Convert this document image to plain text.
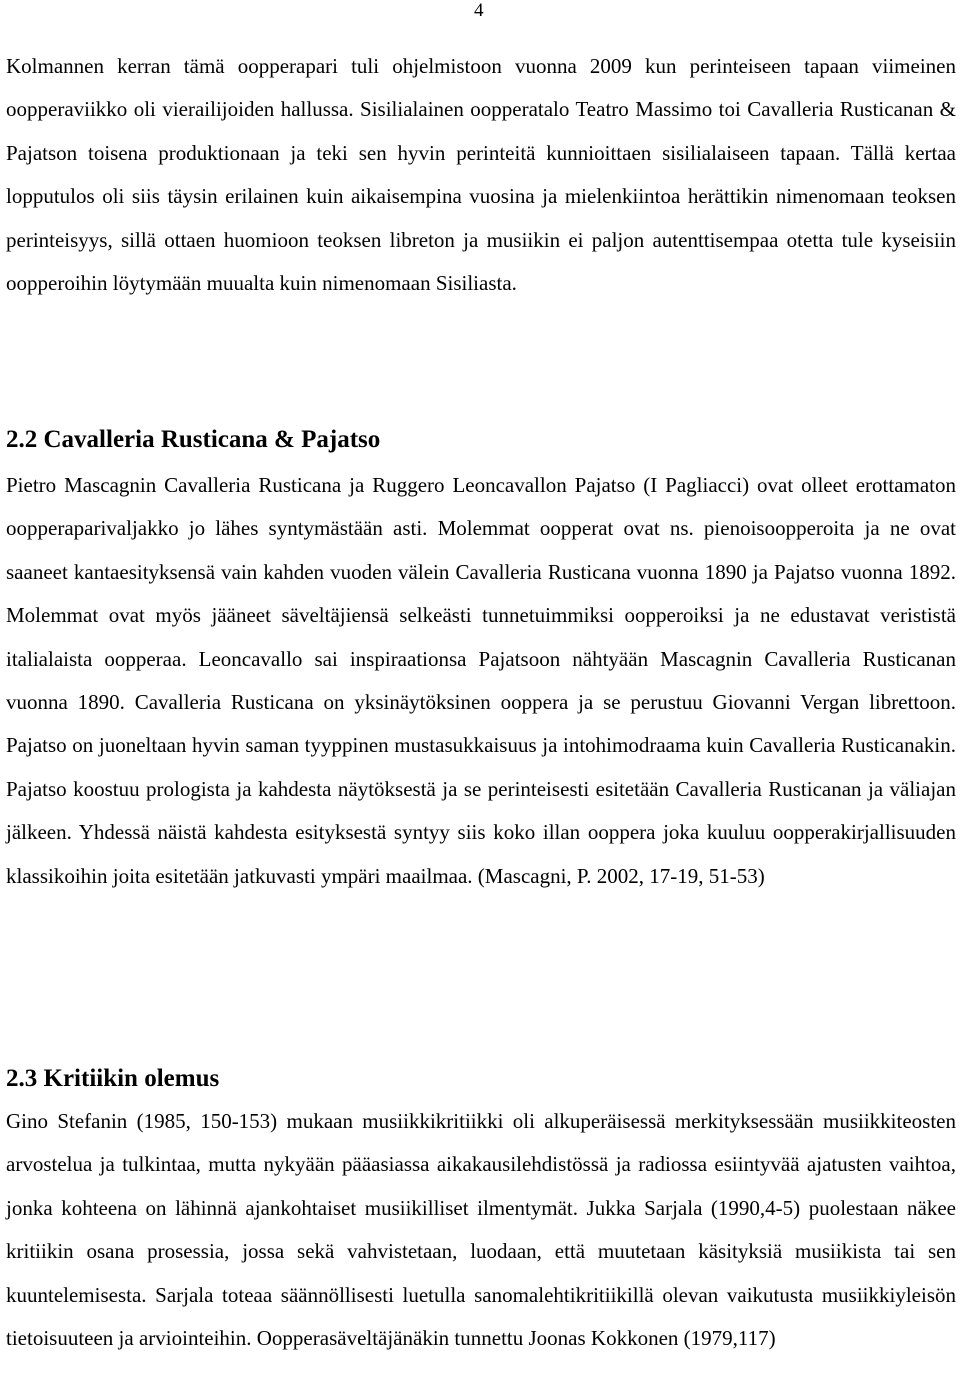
4

Kolmannen kerran tämä oopperapari tuli ohjelmistoon vuonna 2009 kun perinteiseen tapaan viimeinen oopperaviikko oli vierailijoiden hallussa. Sisilialainen oopperatalo Teatro Massimo toi Cavalleria Rusticanan & Pajatson toisena produktionaan ja teki sen hyvin perinteitä kunnioittaen sisilialaiseen tapaan. Tällä kertaa lopputulos oli siis täysin erilainen kuin aikaisempina vuosina ja mielenkiintoa herättikin nimenomaan teoksen perinteisyys, sillä ottaen huomioon teoksen libreton ja musiikin ei paljon autenttisempaa otetta tule kyseisiin oopperoihin löytymään muualta kuin nimenomaan Sisiliasta.

2.2 Cavalleria Rusticana & Pajatso

Pietro Mascagnin Cavalleria Rusticana ja Ruggero Leoncavallon Pajatso (I Pagliacci) ovat olleet erottamaton oopperaparivaljakko jo lähes syntymästään asti. Molemmat oopperat ovat ns. pienoisoopperoita ja ne ovat saaneet kantaesityksensä vain kahden vuoden välein Cavalleria Rusticana vuonna 1890 ja Pajatso vuonna 1892. Molemmat ovat myös jääneet säveltäjiensä selkeästi tunnetuimmiksi oopperoiksi ja ne edustavat verististä italialaista oopperaa. Leoncavallo sai inspiraationsa Pajatsoon nähtyään Mascagnin Cavalleria Rusticanan vuonna 1890. Cavalleria Rusticana on yksinäytöksinen ooppera ja se perustuu Giovanni Vergan librettoon. Pajatso on juoneltaan hyvin saman tyyppinen mustasukkaisuus ja intohimodraama kuin Cavalleria Rusticanakin. Pajatso koostuu prologista ja kahdesta näytöksestä ja se perinteisesti esitetään Cavalleria Rusticanan ja väliajan jälkeen. Yhdessä näistä kahdesta esityksestä syntyy siis koko illan ooppera joka kuuluu oopperakirjallisuuden klassikoihin joita esitetään jatkuvasti ympäri maailmaa. (Mascagni, P. 2002, 17-19, 51-53)

2.3 Kritiikin olemus

Gino Stefanin (1985, 150-153) mukaan musiikkikritiikki oli alkuperäisessä merkityksessään musiikkiteosten arvostelua ja tulkintaa, mutta nykyään pääasiassa aikakausilehdistössä ja radiossa esiintyvää ajatusten vaihtoa, jonka kohteena on lähinnä ajankohtaiset musiikilliset ilmentymät. Jukka Sarjala (1990,4-5) puolestaan näkee kritiikin osana prosessia, jossa sekä vahvistetaan, luodaan, että muutetaan käsityksiä musiikista tai sen kuuntelemisesta. Sarjala toteaa säännöllisesti luetulla sanomalehtikritiikillä olevan vaikutusta musiikkiyleisön tietoisuuteen ja arviointeihin. Oopperasäveltäjänäkin tunnettu Joonas Kokkonen (1979,117)
